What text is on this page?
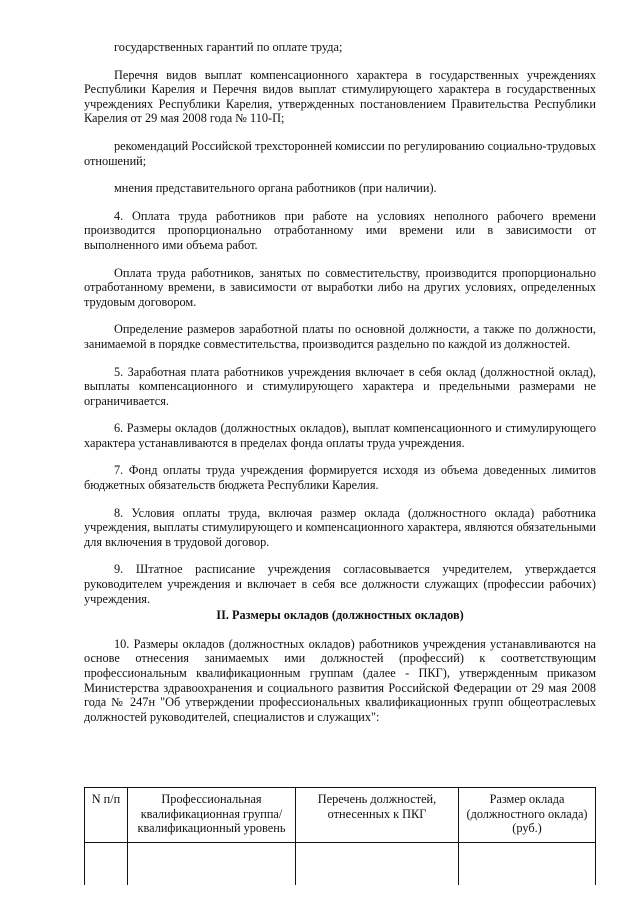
государственных гарантий по оплате труда;

Перечня видов выплат компенсационного характера в государственных учреждениях Республики Карелия и Перечня видов выплат стимулирующего характера в государственных учреждениях Республики Карелия, утвержденных постановлением Правительства Республики Карелия от 29 мая 2008 года № 110-П;

рекомендаций Российской трехсторонней комиссии по регулированию социально-трудовых отношений;

мнения представительного органа работников (при наличии).

4. Оплата труда работников при работе на условиях неполного рабочего времени производится пропорционально отработанному ими времени или в зависимости от выполненного ими объема работ.

Оплата труда работников, занятых по совместительству, производится пропорционально отработанному времени, в зависимости от выработки либо на других условиях, определенных трудовым договором.

Определение размеров заработной платы по основной должности, а также по должности, занимаемой в порядке совместительства, производится раздельно по каждой из должностей.

5. Заработная плата работников учреждения включает в себя оклад (должностной оклад), выплаты компенсационного и стимулирующего характера и предельными размерами не ограничивается.

6. Размеры окладов (должностных окладов), выплат компенсационного и стимулирующего характера устанавливаются в пределах фонда оплаты труда учреждения.

7. Фонд оплаты труда учреждения формируется исходя из объема доведенных лимитов бюджетных обязательств бюджета Республики Карелия.

8. Условия оплаты труда, включая размер оклада (должностного оклада) работника учреждения, выплаты стимулирующего и компенсационного характера, являются обязательными для включения в трудовой договор.

9. Штатное расписание учреждения согласовывается учредителем, утверждается руководителем учреждения и включает в себя все должности служащих (профессии рабочих) учреждения.

II. Размеры окладов (должностных окладов)

10. Размеры окладов (должностных окладов) работников учреждения устанавливаются на основе отнесения занимаемых ими должностей (профессий) к соответствующим профессиональным квалификационным группам (далее - ПКГ), утвержденным приказом Министерства здравоохранения и социального развития Российской Федерации от 29 мая 2008 года № 247н "Об утверждении профессиональных квалификационных групп общеотраслевых должностей руководителей, специалистов и служащих":

N п/п	Профессиональная квалификационная группа/квалификационный уровень	Перечень должностей, отнесенных к ПКГ	Размер оклада (должностного оклада) (руб.)
